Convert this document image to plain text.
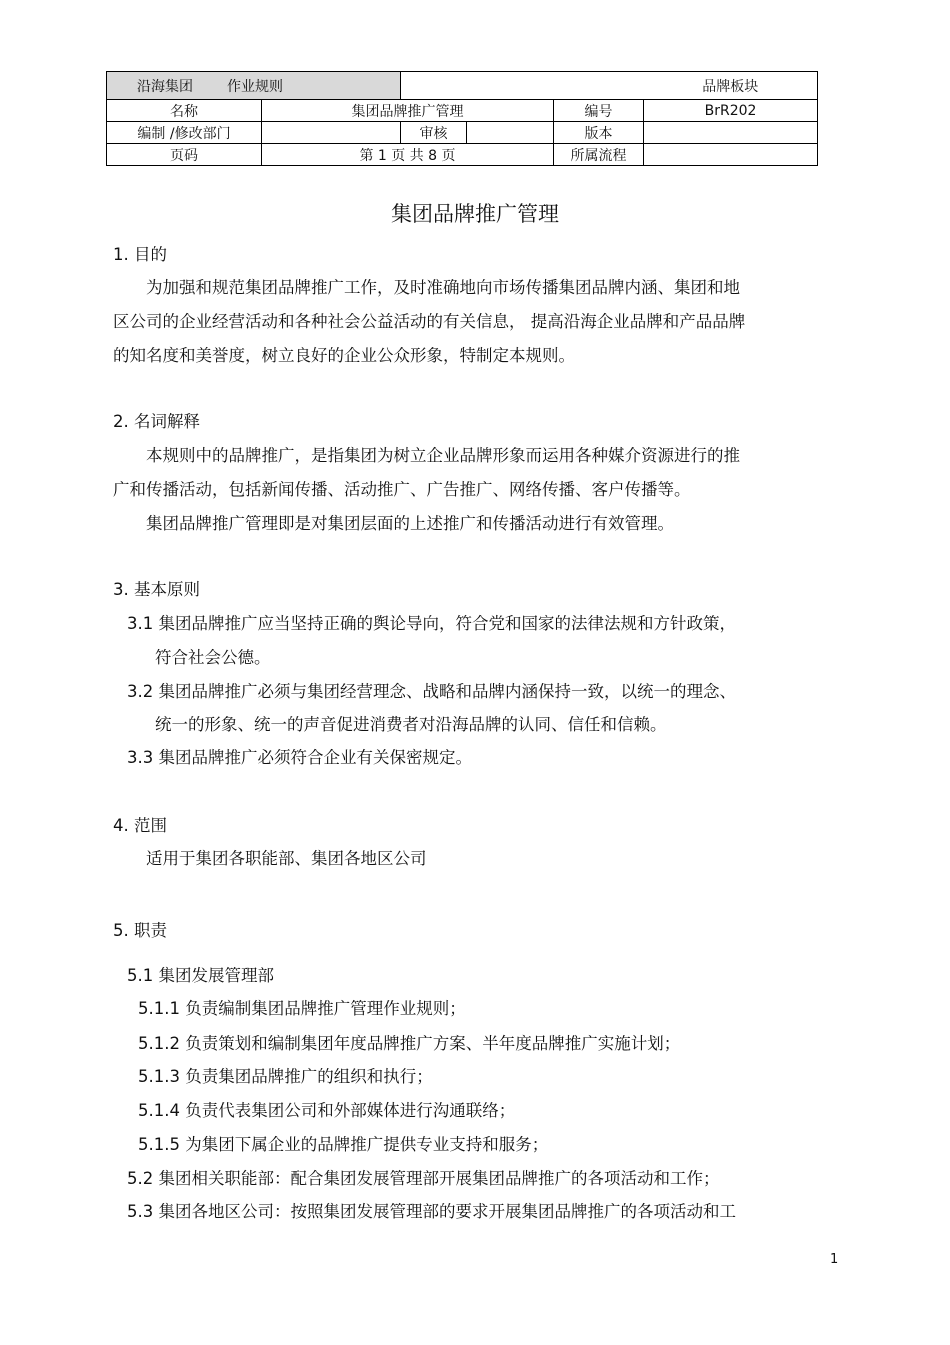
沿海集团 作业规则					品牌板块
名称	集团品牌推广管理			编号	BrR202
编制 /修改部门		审核		版本	
页码	第 1 页 共 8 页			所属流程	
集团品牌推广管理
1. 目的
为加强和规范集团品牌推广工作，及时准确地向市场传播集团品牌内涵、集团和地
区公司的企业经营活动和各种社会公益活动的有关信息， 提高沿海企业品牌和产品品牌
的知名度和美誉度，树立良好的企业公众形象，特制定本规则。
2. 名词解释
本规则中的品牌推广，是指集团为树立企业品牌形象而运用各种媒介资源进行的推
广和传播活动，包括新闻传播、活动推广、广告推广、网络传播、客户传播等。
集团品牌推广管理即是对集团层面的上述推广和传播活动进行有效管理。
3. 基本原则
3.1 集团品牌推广应当坚持正确的舆论导向，符合党和国家的法律法规和方针政策，
符合社会公德。
3.2 集团品牌推广必须与集团经营理念、战略和品牌内涵保持一致，以统一的理念、
统一的形象、统一的声音促进消费者对沿海品牌的认同、信任和信赖。
3.3 集团品牌推广必须符合企业有关保密规定。
4. 范围
适用于集团各职能部、集团各地区公司
5. 职责
5.1 集团发展管理部
5.1.1 负责编制集团品牌推广管理作业规则；
5.1.2 负责策划和编制集团年度品牌推广方案、半年度品牌推广实施计划；
5.1.3 负责集团品牌推广的组织和执行；
5.1.4 负责代表集团公司和外部媒体进行沟通联络；
5.1.5 为集团下属企业的品牌推广提供专业支持和服务；
5.2 集团相关职能部：配合集团发展管理部开展集团品牌推广的各项活动和工作；
5.3 集团各地区公司：按照集团发展管理部的要求开展集团品牌推广的各项活动和工
1
